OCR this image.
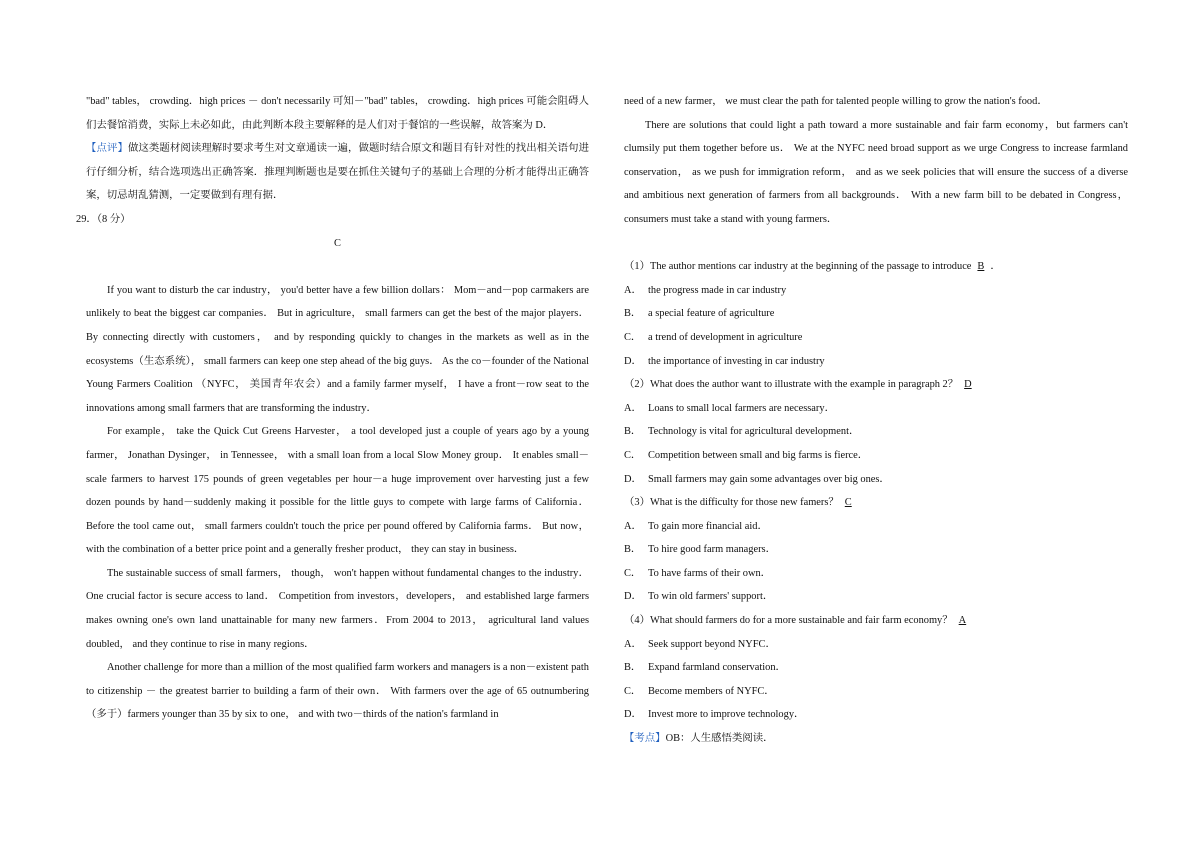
"bad" tables， crowding．high prices － don't necessarily 可知－"bad" tables， crowding．high prices 可能会阻碍人们去餐馆消费，实际上未必如此，由此判断本段主要解释的是人们对于餐馆的一些误解，故答案为 D．

【点评】做这类题材阅读理解时要求考生对文章通读一遍，做题时结合原文和题目有针对性的找出相关语句进行仔细分析，结合选项选出正确答案．推理判断题也是要在抓住关键句子的基础上合理的分析才能得出正确答案，切忌胡乱猜测，一定要做到有理有据．

29．（8 分）

C

If you want to disturb the car industry， you'd better have a few billion dollars： Mom－and－pop carmakers are unlikely to beat the biggest car companies． But in agriculture， small farmers can get the best of the major players． By connecting directly with customers， and by responding quickly to changes in the markets as well as in the ecosystems（生态系统）， small farmers can keep one step ahead of the big guys． As the co－founder of the National Young Farmers Coalition （NYFC， 美国青年农会）and a family farmer myself， I have a front－row seat to the innovations among small farmers that are transforming the industry．

For example， take the Quick Cut Greens Harvester， a tool developed just a couple of years ago by a young farmer， Jonathan Dysinger， in Tennessee， with a small loan from a local Slow Money group． It enables small－scale farmers to harvest 175 pounds of green vegetables per hour－a huge improvement over harvesting just a few dozen pounds by hand－suddenly making it possible for the little guys to compete with large farms of California． Before the tool came out， small farmers couldn't touch the price per pound offered by California farms． But now， with the combination of a better price point and a generally fresher product， they can stay in business．

The sustainable success of small farmers， though， won't happen without fundamental changes to the industry． One crucial factor is secure access to land． Competition from investors，developers， and established large farmers makes owning one's own land unattainable for many new farmers．From 2004 to 2013， agricultural land values doubled， and they continue to rise in many regions．

Another challenge for more than a million of the most qualified farm workers and managers is a non－existent path to citizenship － the greatest barrier to building a farm of their own． With farmers over the age of 65 outnumbering（多于）farmers younger than 35 by six to one， and with two－thirds of the nation's farmland in

need of a new farmer， we must clear the path for talented people willing to grow the nation's food．

There are solutions that could light a path toward a more sustainable and fair farm economy，but farmers can't clumsily put them together before us． We at the NYFC need broad support as we urge Congress to increase farmland conservation， as we push for immigration reform， and as we seek policies that will ensure the success of a diverse and ambitious next generation of farmers from all backgrounds． With a new farm bill to be debated in Congress， consumers must take a stand with young farmers．

（1）The author mentions car industry at the beginning of the passage to introduce B ．

A． the progress made in car industry

B． a special feature of agriculture

C． a trend of development in agriculture

D． the importance of investing in car industry

（2）What does the author want to illustrate with the example in paragraph 2？ D

A． Loans to small local farmers are necessary．

B． Technology is vital for agricultural development．

C． Competition between small and big farms is fierce．

D． Small farmers may gain some advantages over big ones．

（3）What is the difficulty for those new famers？ C

A． To gain more financial aid．

B． To hire good farm managers．

C． To have farms of their own．

D． To win old farmers' support．

（4）What should farmers do for a more sustainable and fair farm economy？ A

A． Seek support beyond NYFC．

B． Expand farmland conservation．

C． Become members of NYFC．

D． Invest more to improve technology．

【考点】OB：人生感悟类阅读．
